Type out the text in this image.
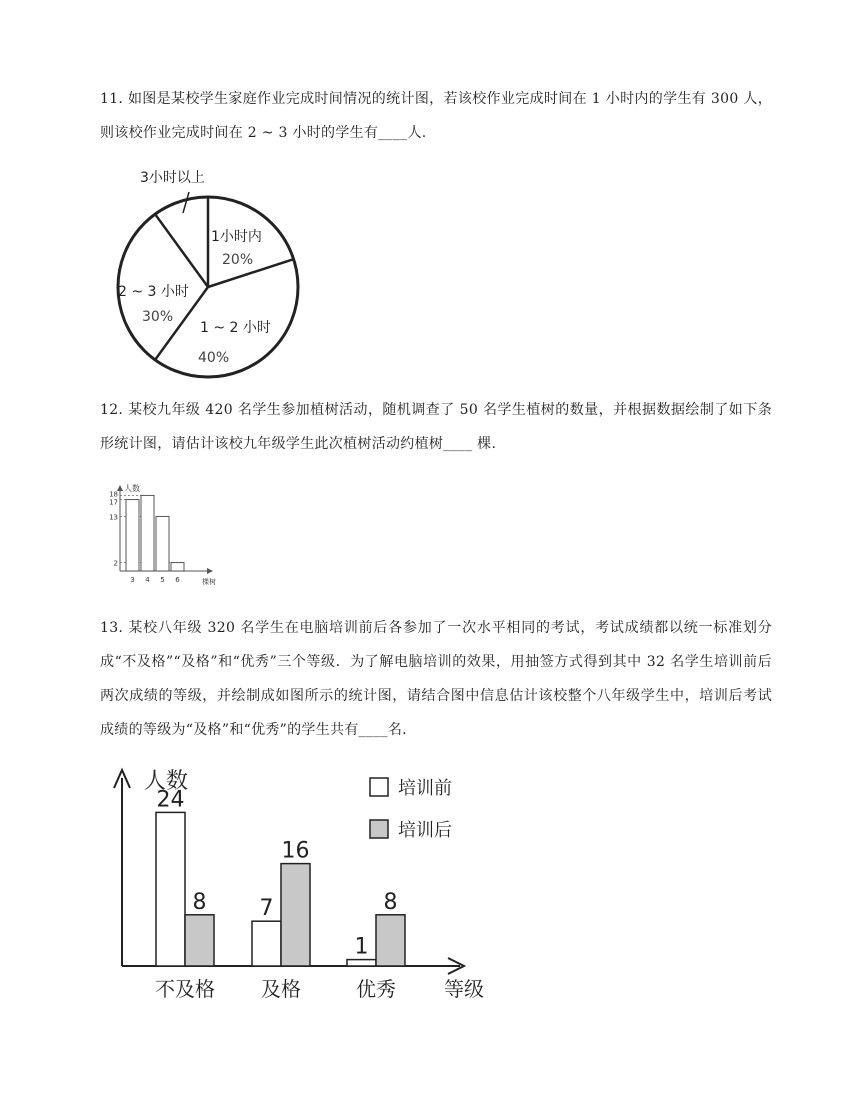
11. 如图是某校学生家庭作业完成时间情况的统计图，若该校作业完成时间在 1 小时内的学生有 300 人，则该校作业完成时间在 2 ~ 3 小时的学生有____人.
3小时以上
1小时内
20%
2 ~ 3 小时
30%
1 ~ 2 小时
40%
12. 某校九年级 420 名学生参加植树活动，随机调查了 50 名学生植树的数量，并根据数据绘制了如下条形统计图，请估计该校九年级学生此次植树活动约植树____ 棵.
人数
棵树
18
17
13
2
3 4 5 6
13. 某校八年级 320 名学生在电脑培训前后各参加了一次水平相同的考试，考试成绩都以统一标准划分成“不及格”“及格”和“优秀”三个等级．为了解电脑培训的效果，用抽签方式得到其中 32 名学生培训前后两次成绩的等级，并绘制成如图所示的统计图，请结合图中信息估计该校整个八年级学生中，培训后考试成绩的等级为“及格”和“优秀”的学生共有____名.
人数
等级
培训前
培训后
24
8 7
16
1
8
不及格 及格	优秀
